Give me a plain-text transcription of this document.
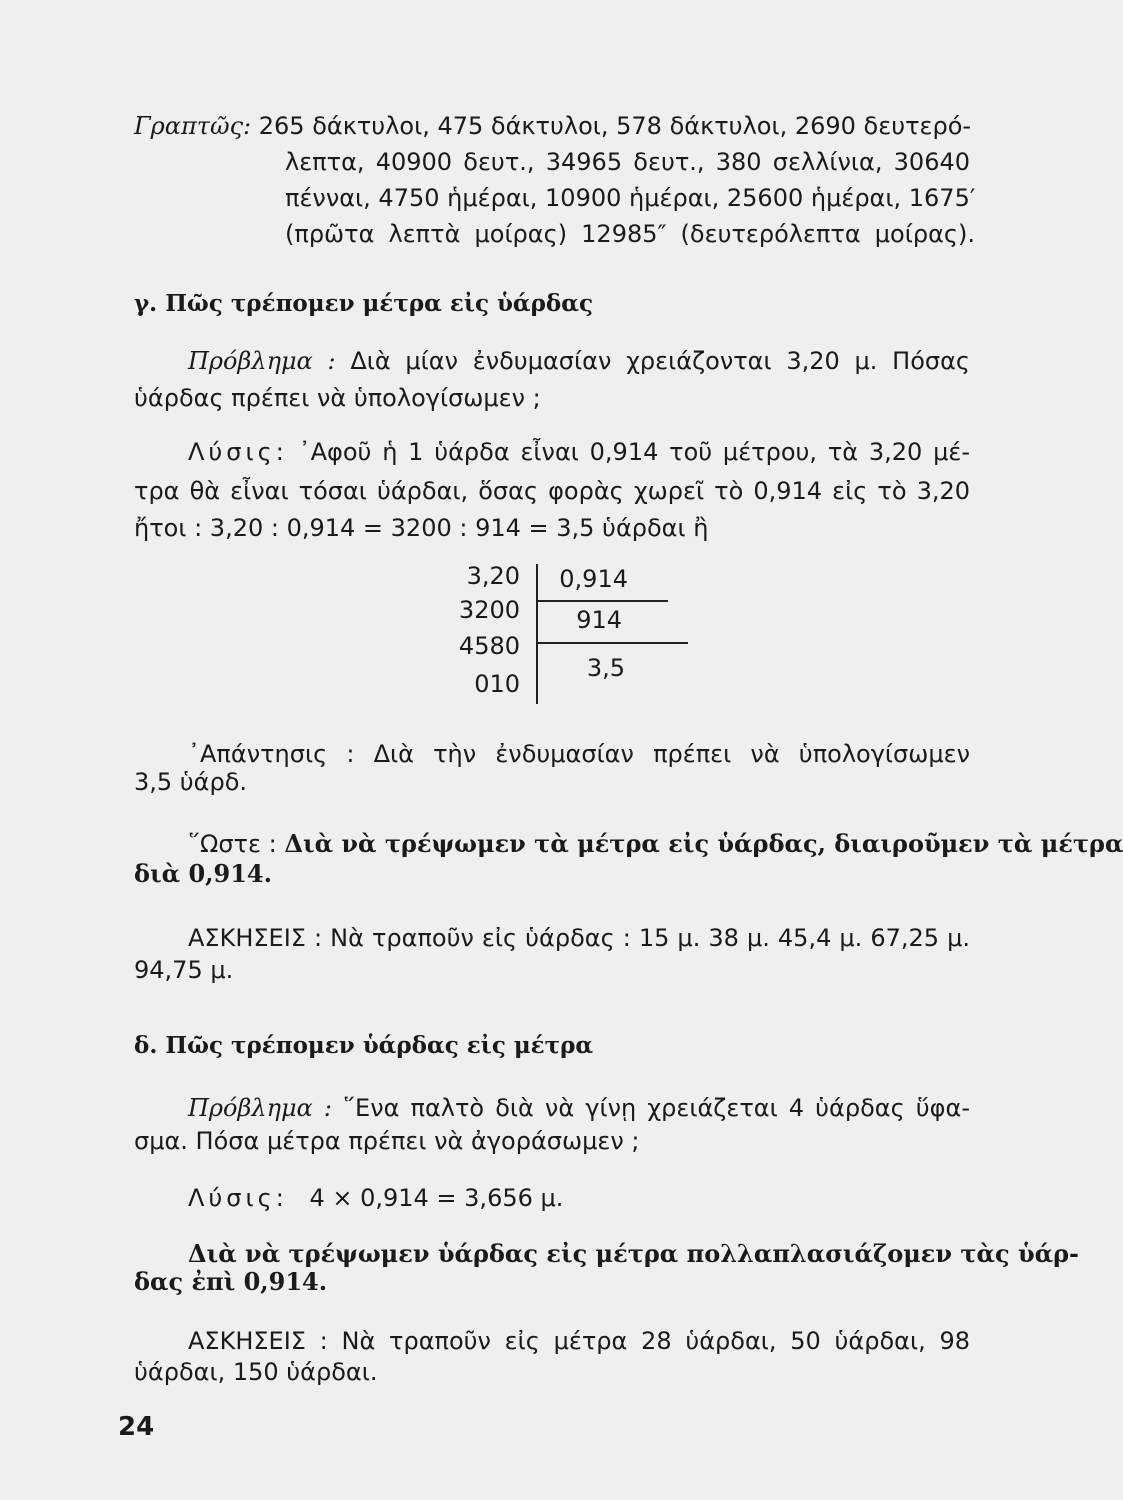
Γραπτῶς: 265 δάκτυλοι, 475 δάκτυλοι, 578 δάκτυλοι, 2690 δευτερό-
λεπτα, 40900 δευτ., 34965 δευτ., 380 σελλίνια, 30640
πένναι, 4750 ἡμέραι, 10900 ἡμέραι, 25600 ἡμέραι, 1675′
(πρῶτα λεπτὰ μοίρας) 12985″ (δευτερόλεπτα μοίρας).
γ. Πῶς τρέπομεν μέτρα εἰς ὑάρδας
Πρόβλημα : Διὰ μίαν ἐνδυμασίαν χρειάζονται 3,20 μ. Πόσας
ὑάρδας πρέπει νὰ ὑπολογίσωμεν ;
Λύσις: ᾿Αφοῦ ἡ 1 ὑάρδα εἶναι 0,914 τοῦ μέτρου, τὰ 3,20 μέ-
τρα θὰ εἶναι τόσαι ὑάρδαι, ὅσας φορὰς χωρεῖ τὸ 0,914 εἰς τὸ 3,20
ἤτοι : 3,20 : 0,914 = 3200 : 914 = 3,5 ὑάρδαι ἢ
3,20
3200
4580
010
0,914
914
3,5
᾿Απάντησις : Διὰ τὴν ἐνδυμασίαν πρέπει νὰ ὑπολογίσωμεν
3,5 ὑάρδ.
῞Ωστε : Διὰ νὰ τρέψωμεν τὰ μέτρα εἰς ὑάρδας, διαιροῦμεν τὰ μέτρα
διὰ 0,914.
ΑΣΚΗΣΕΙΣ : Νὰ τραποῦν εἰς ὑάρδας : 15 μ. 38 μ. 45,4 μ. 67,25 μ.
94,75 μ.
δ. Πῶς τρέπομεν ὑάρδας εἰς μέτρα
Πρόβλημα : ῞Ενα παλτὸ διὰ νὰ γίνῃ χρειάζεται 4 ὑάρδας ὕφα-
σμα. Πόσα μέτρα πρέπει νὰ ἀγοράσωμεν ;
Λύσις: 4 × 0,914 = 3,656 μ.
Διὰ νὰ τρέψωμεν ὑάρδας εἰς μέτρα πολλαπλασιάζομεν τὰς ὑάρ-
δας ἐπὶ 0,914.
ΑΣΚΗΣΕΙΣ : Νὰ τραποῦν εἰς μέτρα 28 ὑάρδαι, 50 ὑάρδαι, 98
ὑάρδαι, 150 ὑάρδαι.
24
